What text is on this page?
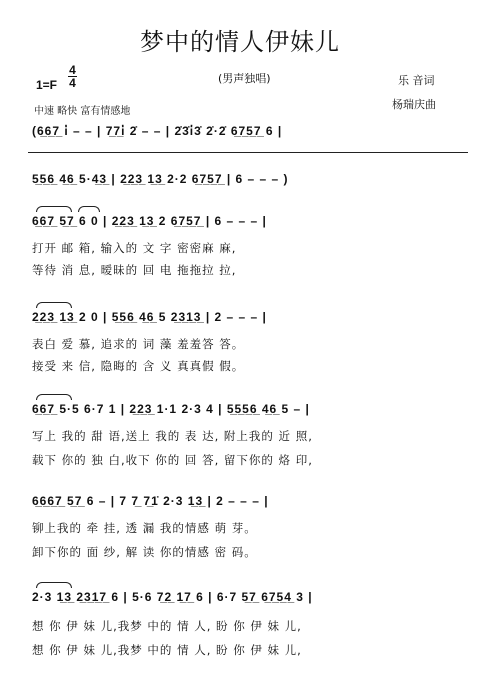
梦中的情人伊妹儿
1=F
4
4	(男声独唱)
中速 略快 富有情感地
乐 音词
杨瑞庆曲
(6̲6̲7̲ i̇ – – | 7̲7̲i̇ 2̇ – – | 2̇3̇i̇3̇ 2̇·2̇ 6̲7̲5̲7̲ 6 |
5̲5̲6̲ 4̲6̲ 5·4̲3̲ | 2̲2̲3̲ 1̲3̲ 2·2 6̲7̲5̲7̲ | 6 – – – )
6̲6̲7̲ 5̲7̲ 6 0 | 2̲2̲3̲ 1̲3̲ 2 6̲7̲5̲7̲ | 6 – – – |
打开 邮 箱, 输入的 文 字 密密麻 麻,
等待 消 息, 暧昧的 回 电 拖拖拉 拉,
2̲2̲3̲ 1̲3̲ 2 0 | 5̲5̲6̲ 4̲6̲ 5 2̲3̲1̲3̲ | 2 – – – |
表白 爱 慕, 追求的 词 藻 羞羞答 答。
接受 来 信, 隐晦的 含 义 真真假 假。
6̲6̲7̲ 5·5 6·7 1 | 2̲2̲3̲ 1·1 2·3 4 | 5̲5̲5̲6̲ 4̲6̲ 5 – |
写上 我的 甜 语,送上 我的 表 达, 附上我的 近 照,
载下 你的 独 白,收下 你的 回 答, 留下你的 烙 印,
6̲6̲6̲7̲ 5̲7̲ 6 – | 7 7̲ 7̲1̇ 2·3 1̲3̲ | 2 – – – |
铆上我的 牵 挂, 透 漏 我的情感 萌 芽。
卸下你的 面 纱, 解 读 你的情感 密 码。
2·3 1̲3̲ 2̲3̲1̲7̲ 6 | 5·6 7̲2̲ 1̲7̲ 6 | 6·7 5̲7̲ 6̲7̲5̲4̲ 3 |
想 你 伊 妹 儿,我梦 中的 情 人, 盼 你 伊 妹 儿,
想 你 伊 妹 儿,我梦 中的 情 人, 盼 你 伊 妹 儿,
